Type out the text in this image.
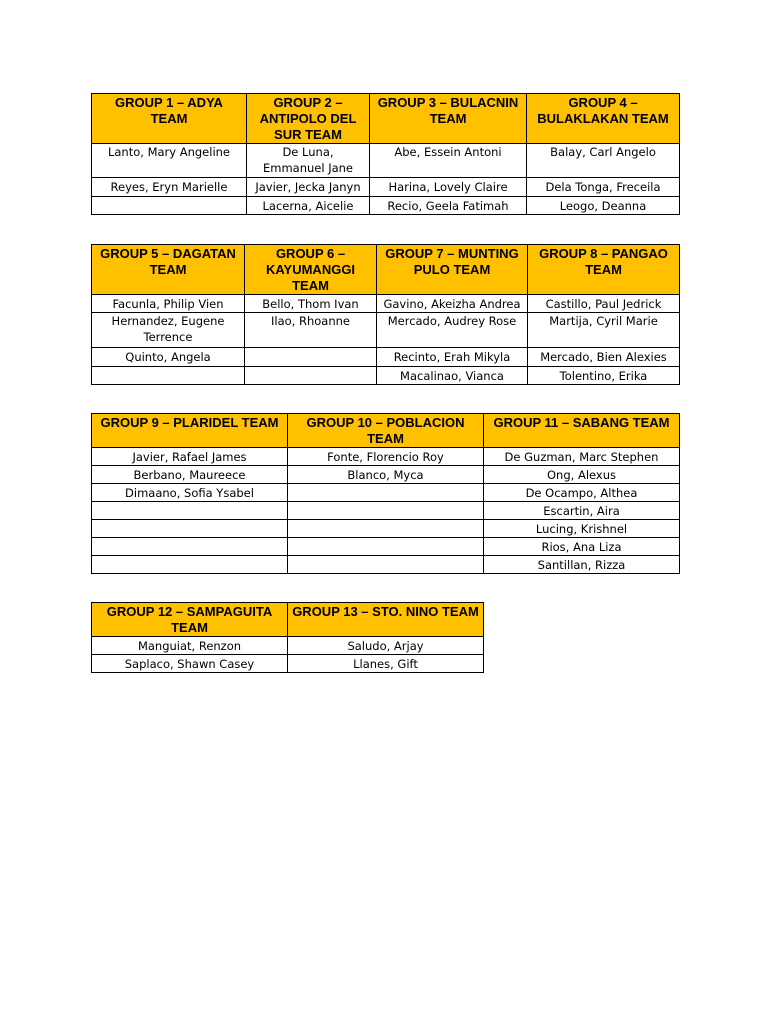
GROUP 1 – ADYA TEAM	GROUP 2 – ANTIPOLO DEL SUR TEAM	GROUP 3 – BULACNIN TEAM	GROUP 4 – BULAKLAKAN TEAM
Lanto, Mary Angeline	De Luna, Emmanuel Jane	Abe, Essein Antoni	Balay, Carl Angelo
Reyes, Eryn Marielle	Javier, Jecka Janyn	Harina, Lovely Claire	Dela Tonga, Freceila
	Lacerna, Aicelie	Recio, Geela Fatimah	Leogo, Deanna
GROUP 5 – DAGATAN TEAM	GROUP 6 – KAYUMANGGI TEAM	GROUP 7 – MUNTING PULO TEAM	GROUP 8 – PANGAO TEAM
Facunla, Philip Vien	Bello, Thom Ivan	Gavino, Akeizha Andrea	Castillo, Paul Jedrick
Hernandez, Eugene Terrence	Ilao, Rhoanne	Mercado, Audrey Rose	Martija, Cyril Marie
Quinto, Angela		Recinto, Erah Mikyla	Mercado, Bien Alexies
		Macalinao, Vianca	Tolentino, Erika
GROUP 9 – PLARIDEL TEAM	GROUP 10 – POBLACION TEAM	GROUP 11 – SABANG TEAM
Javier, Rafael James	Fonte, Florencio Roy	De Guzman, Marc Stephen
Berbano, Maureece	Blanco, Myca	Ong, Alexus
Dimaano, Sofia Ysabel		De Ocampo, Althea
		Escartin, Aira
		Lucing, Krishnel
		Rios, Ana Liza
		Santillan, Rizza
GROUP 12 – SAMPAGUITA TEAM	GROUP 13 – STO. NINO TEAM
Manguiat, Renzon	Saludo, Arjay
Saplaco, Shawn Casey	Llanes, Gift
